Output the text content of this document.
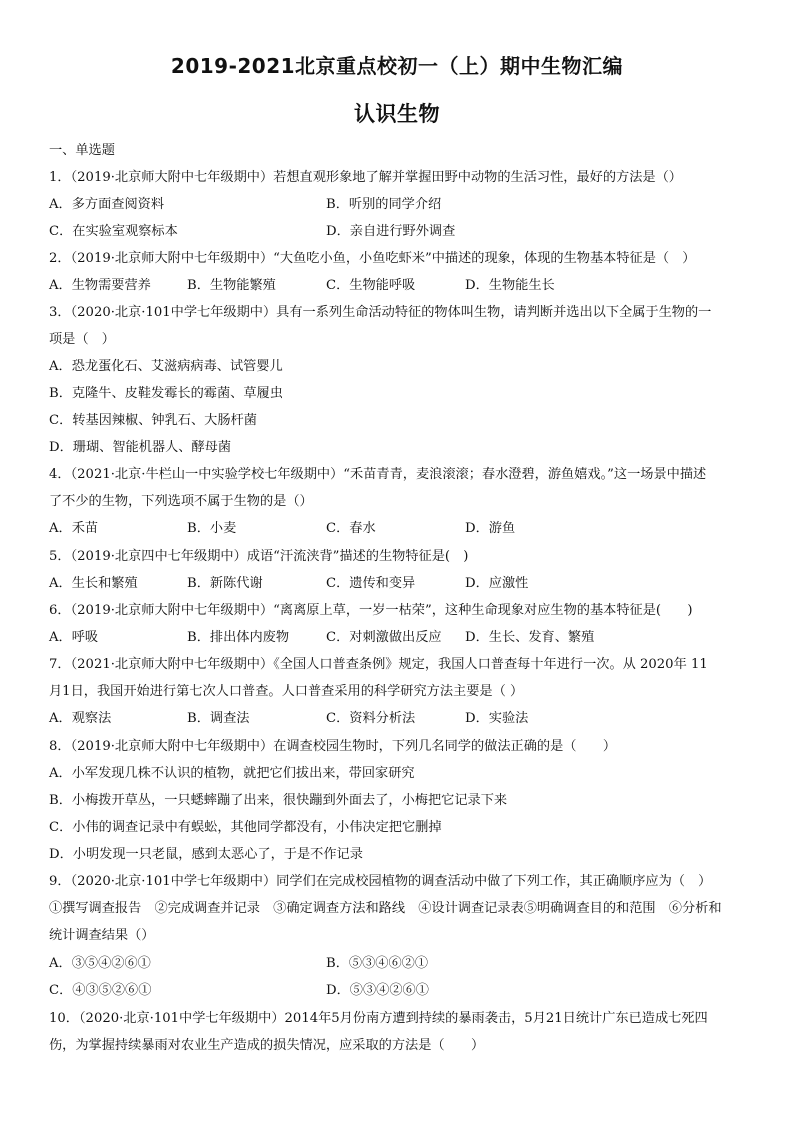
2019-2021北京重点校初一（上）期中生物汇编
认识生物
一、单选题
1．（2019·北京师大附中七年级期中）若想直观形象地了解并掌握田野中动物的生活习性，最好的方法是（）
A．多方面查阅资料	B．听别的同学介绍
C．在实验室观察标本	D．亲自进行野外调查
2．（2019·北京师大附中七年级期中）“大鱼吃小鱼，小鱼吃虾米”中描述的现象，体现的生物基本特征是（　）
A．生物需要营养	B．生物能繁殖	C．生物能呼吸	D．生物能生长
3．（2020·北京·101中学七年级期中）具有一系列生命活动特征的物体叫生物，请判断并选出以下全属于生物的一
项是（　）
A．恐龙蛋化石、艾滋病病毒、试管婴儿
B．克隆牛、皮鞋发霉长的霉菌、草履虫
C．转基因辣椒、钟乳石、大肠杆菌
D．珊瑚、智能机器人、酵母菌
4．（2021·北京·牛栏山一中实验学校七年级期中）“禾苗青青，麦浪滚滚；春水澄碧，游鱼嬉戏。”这一场景中描述
了不少的生物，下列选项不属于生物的是（）
A．禾苗	B．小麦	C．春水	D．游鱼
5．（2019·北京四中七年级期中）成语“汗流浃背”描述的生物特征是(　)
A．生长和繁殖	B．新陈代谢	C．遗传和变异	D．应激性
6．（2019·北京师大附中七年级期中）“离离原上草，一岁一枯荣”，这种生命现象对应生物的基本特征是(　　)
A．呼吸	B．排出体内废物	C．对刺激做出反应 D．生长、发育、繁殖
7．（2021·北京师大附中七年级期中）《全国人口普查条例》规定，我国人口普查每十年进行一次。从 2020年 11
月1日，我国开始进行第七次人口普查。人口普查采用的科学研究方法主要是（ ）
A．观察法	B．调查法	C．资料分析法	D．实验法
8．（2019·北京师大附中七年级期中）在调查校园生物时，下列几名同学的做法正确的是（　　）
A．小军发现几株不认识的植物，就把它们拔出来，带回家研究
B．小梅拨开草丛，一只蟋蟀蹦了出来，很快蹦到外面去了，小梅把它记录下来
C．小伟的调查记录中有蜈蚣，其他同学都没有，小伟决定把它删掉
D．小明发现一只老鼠，感到太恶心了，于是不作记录
9．（2020·北京·101中学七年级期中）同学们在完成校园植物的调查活动中做了下列工作，其正确顺序应为（　）
①撰写调查报告　②完成调查并记录　③确定调查方法和路线　④设计调查记录表⑤明确调查目的和范围　⑥分析和
统计调查结果（）
A．③⑤④②⑥①	B．⑤③④⑥②①
C．④③⑤②⑥①	D．⑤③④②⑥①
10．（2020·北京·101中学七年级期中）2014年5月份南方遭到持续的暴雨袭击，5月21日统计广东已造成七死四
伤，为掌握持续暴雨对农业生产造成的损失情况，应采取的方法是（　　）
